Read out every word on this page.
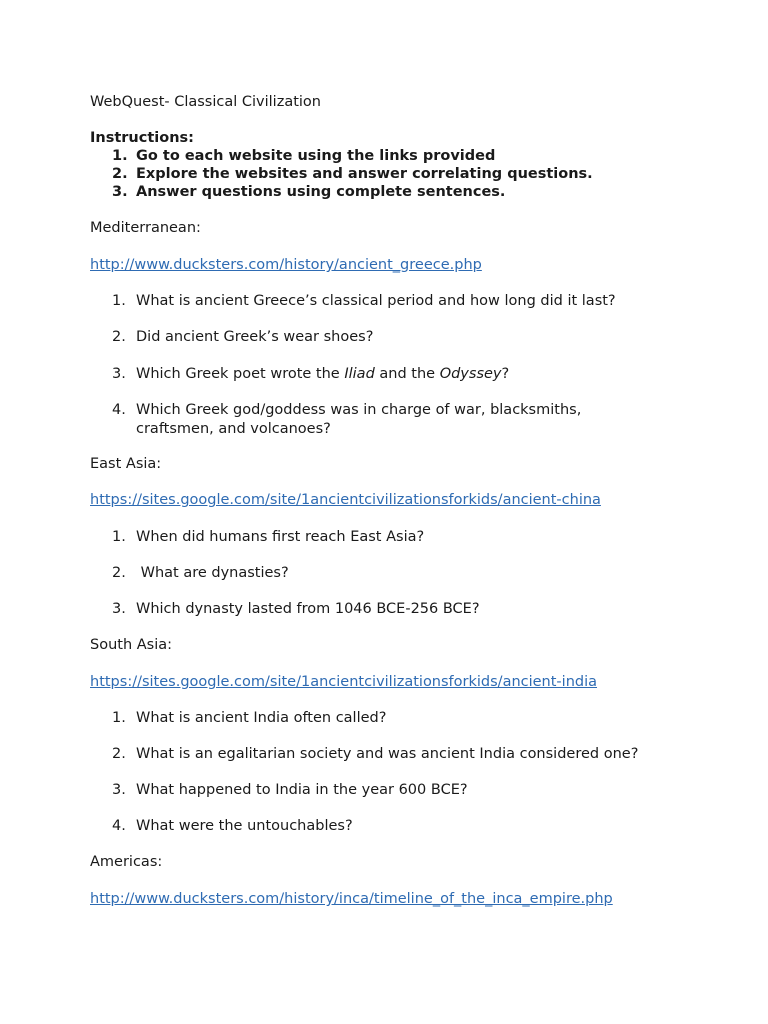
WebQuest- Classical Civilization
Instructions:
1. Go to each website using the links provided
2. Explore the websites and answer correlating questions.
3. Answer questions using complete sentences.
Mediterranean:
http://www.ducksters.com/history/ancient_greece.php
1. What is ancient Greece’s classical period and how long did it last?
2. Did ancient Greek’s wear shoes?
3. Which Greek poet wrote the Iliad and the Odyssey?
4. Which Greek god/goddess was in charge of war, blacksmiths,
craftsmen, and volcanoes?
East Asia:
https://sites.google.com/site/1ancientcivilizationsforkids/ancient-china
1. When did humans first reach East Asia?
2. What are dynasties?
3. Which dynasty lasted from 1046 BCE-256 BCE?
South Asia:
https://sites.google.com/site/1ancientcivilizationsforkids/ancient-india
1. What is ancient India often called?
2. What is an egalitarian society and was ancient India considered one?
3. What happened to India in the year 600 BCE?
4. What were the untouchables?
Americas:
http://www.ducksters.com/history/inca/timeline_of_the_inca_empire.php
